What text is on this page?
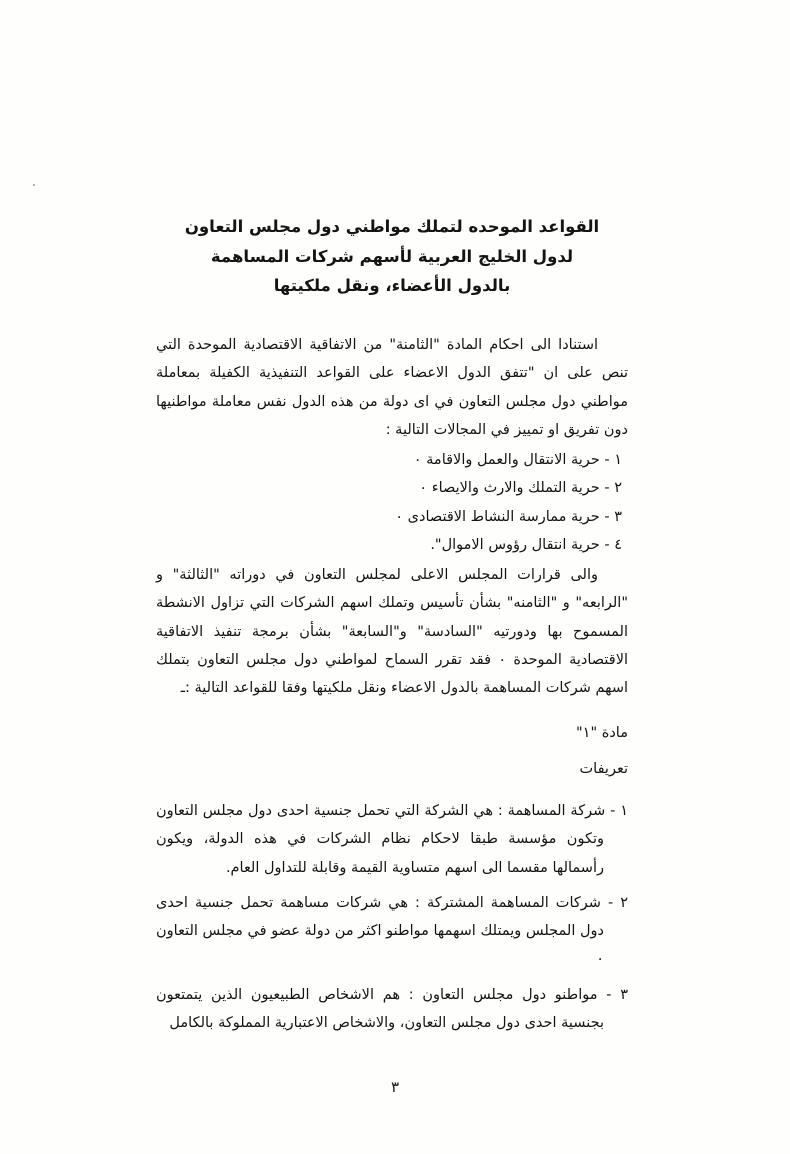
القواعد الموحده لتملك مواطني دول مجلس التعاون
لدول الخليج العربية لأسهم شركات المساهمة
بالدول الأعضاء، ونقل ملكيتها

استنادا الى احكام المادة "الثامنة" من الاتفاقية الاقتصادية الموحدة التي تنص على ان "تتفق الدول الاعضاء على القواعد التنفيذية الكفيلة بمعاملة مواطني دول مجلس التعاون في اى دولة من هذه الدول نفس معاملة مواطنيها دون تفريق او تمييز في المجالات التالية :

١ - حرية الانتقال والعمل والاقامة ٠
٢ - حرية التملك والارث والايصاء ٠
٣ - حرية ممارسة النشاط الاقتصادى ٠
٤ - حرية انتقال رؤوس الاموال".

والى قرارات المجلس الاعلى لمجلس التعاون في دوراته "الثالثة" و "الرابعه" و "الثامنه" بشأن تأسيس وتملك اسهم الشركات التي تزاول الانشطة المسموح بها ودورتيه "السادسة" و"السابعة" بشأن برمجة تنفيذ الاتفاقية الاقتصادية الموحدة ٠ فقد تقرر السماح لمواطني دول مجلس التعاون بتملك اسهم شركات المساهمة بالدول الاعضاء ونقل ملكيتها وفقا للقواعد التالية :ـ

مادة "١"
تعريفات
١ - شركة المساهمة : هي الشركة التي تحمل جنسية احدى دول مجلس التعاون وتكون مؤسسة طبقا لاحكام نظام الشركات في هذه الدولة، ويكون رأسمالها مقسما الى اسهم متساوية القيمة وقابلة للتداول العام.
٢ - شركات المساهمة المشتركة : هي شركات مساهمة تحمل جنسية احدى دول المجلس ويمتلك اسهمها مواطنو اكثر من دولة عضو في مجلس التعاون ٠
٣ - مواطنو دول مجلس التعاون : هم الاشخاص الطبيعيون الذين يتمتعون بجنسية احدى دول مجلس التعاون، والاشخاص الاعتبارية المملوكة بالكامل
٣
